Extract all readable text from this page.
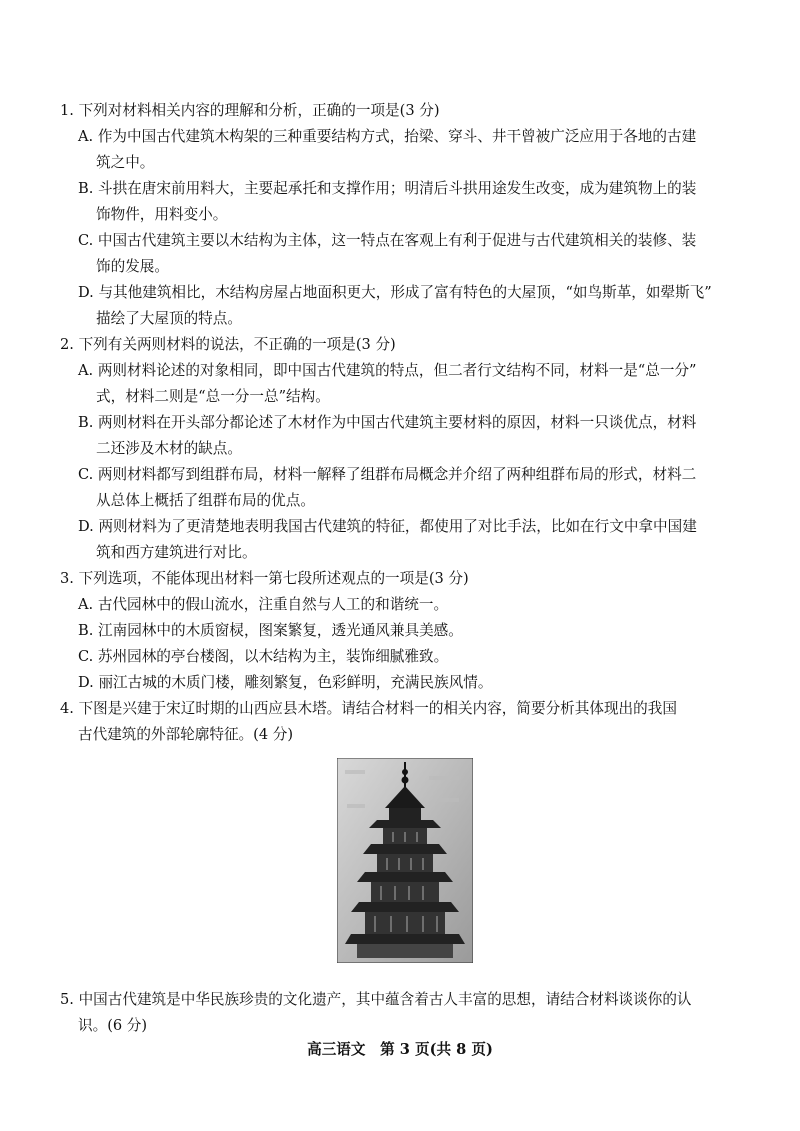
1. 下列对材料相关内容的理解和分析，正确的一项是(3 分)

A. 作为中国古代建筑木构架的三种重要结构方式，抬梁、穿斗、井干曾被广泛应用于各地的古建
筑之中。
B. 斗拱在唐宋前用料大，主要起承托和支撑作用；明清后斗拱用途发生改变，成为建筑物上的装
饰物件，用料变小。
C. 中国古代建筑主要以木结构为主体，这一特点在客观上有利于促进与古代建筑相关的装修、装
饰的发展。
D. 与其他建筑相比，木结构房屋占地面积更大，形成了富有特色的大屋顶，“如鸟斯革，如翚斯飞”
描绘了大屋顶的特点。

2. 下列有关两则材料的说法，不正确的一项是(3 分)

A. 两则材料论述的对象相同，即中国古代建筑的特点，但二者行文结构不同，材料一是“总一分”
式，材料二则是“总一分一总”结构。
B. 两则材料在开头部分都论述了木材作为中国古代建筑主要材料的原因，材料一只谈优点，材料
二还涉及木材的缺点。
C. 两则材料都写到组群布局，材料一解释了组群布局概念并介绍了两种组群布局的形式，材料二
从总体上概括了组群布局的优点。
D. 两则材料为了更清楚地表明我国古代建筑的特征，都使用了对比手法，比如在行文中拿中国建
筑和西方建筑进行对比。

3. 下列选项，不能体现出材料一第七段所述观点的一项是(3 分)

A. 古代园林中的假山流水，注重自然与人工的和谐统一。
B. 江南园林中的木质窗棂，图案繁复，透光通风兼具美感。
C. 苏州园林的亭台楼阁，以木结构为主，装饰细腻雅致。
D. 丽江古城的木质门楼，雕刻繁复，色彩鲜明，充满民族风情。

4. 下图是兴建于宋辽时期的山西应县木塔。请结合材料一的相关内容，简要分析其体现出的我国

古代建筑的外部轮廓特征。(4 分)

5. 中国古代建筑是中华民族珍贵的文化遗产，其中蕴含着古人丰富的思想，请结合材料谈谈你的认

识。(6 分)

高三语文　第 3 页(共 8 页)
